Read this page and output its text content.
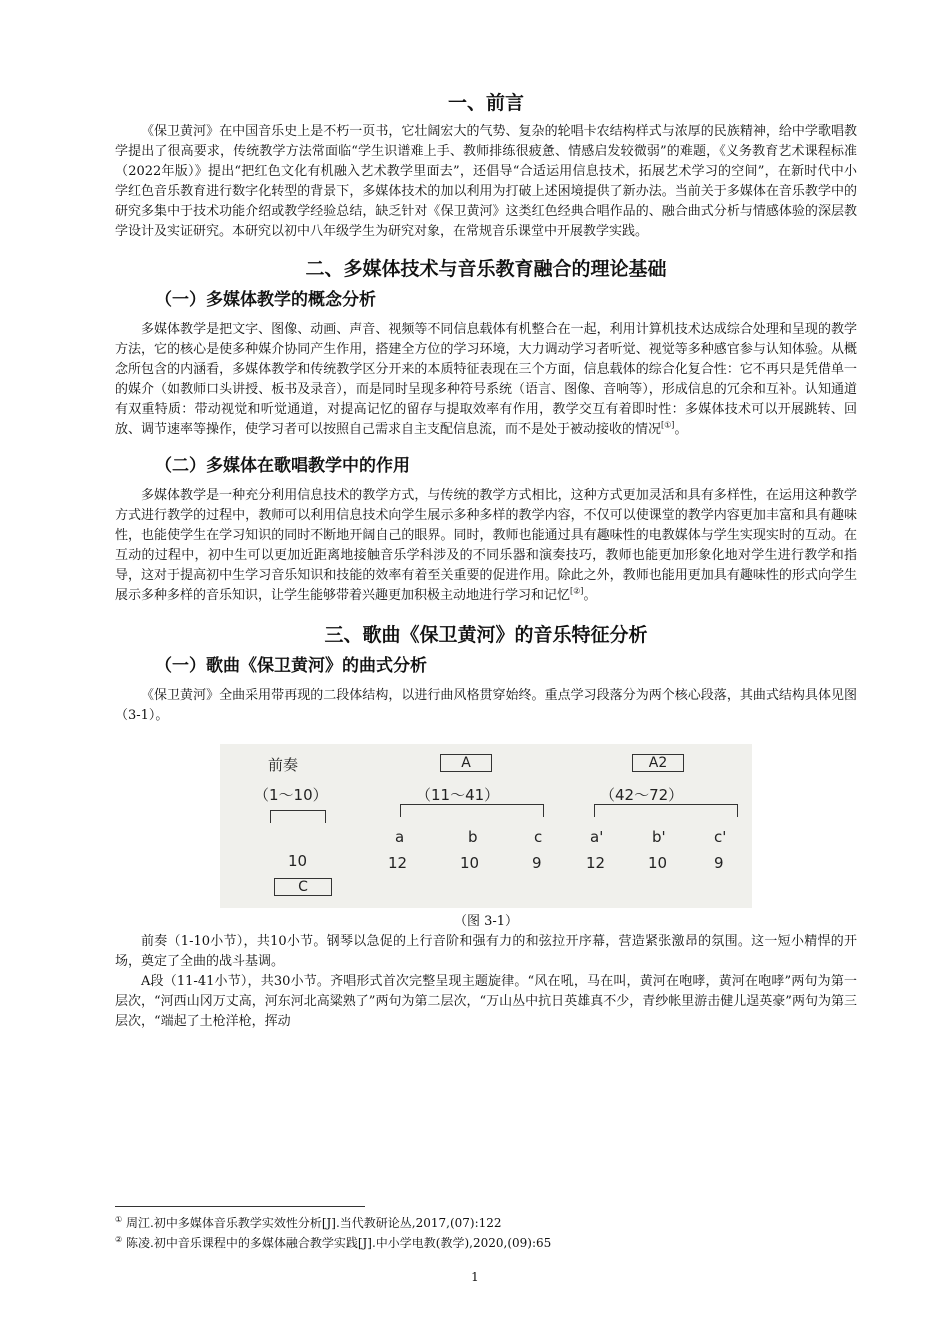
一、前言

《保卫黄河》在中国音乐史上是不朽一页书，它壮阔宏大的气势、复杂的轮唱卡农结构样式与浓厚的民族精神，给中学歌唱教学提出了很高要求，传统教学方法常面临“学生识谱难上手、教师排练很疲惫、情感启发较微弱”的难题，《义务教育艺术课程标准（2022年版）》提出“把红色文化有机融入艺术教学里面去”，还倡导“合适运用信息技术，拓展艺术学习的空间”，在新时代中小学红色音乐教育进行数字化转型的背景下，多媒体技术的加以利用为打破上述困境提供了新办法。当前关于多媒体在音乐教学中的研究多集中于技术功能介绍或教学经验总结，缺乏针对《保卫黄河》这类红色经典合唱作品的、融合曲式分析与情感体验的深层教学设计及实证研究。本研究以初中八年级学生为研究对象，在常规音乐课堂中开展教学实践。

二、多媒体技术与音乐教育融合的理论基础
（一）多媒体教学的概念分析

多媒体教学是把文字、图像、动画、声音、视频等不同信息载体有机整合在一起，利用计算机技术达成综合处理和呈现的教学方法，它的核心是使多种媒介协同产生作用，搭建全方位的学习环境，大力调动学习者听觉、视觉等多种感官参与认知体验。从概念所包含的内涵看，多媒体教学和传统教学区分开来的本质特征表现在三个方面，信息载体的综合化复合性：它不再只是凭借单一的媒介（如教师口头讲授、板书及录音），而是同时呈现多种符号系统（语言、图像、音响等），形成信息的冗余和互补。认知通道有双重特质：带动视觉和听觉通道，对提高记忆的留存与提取效率有作用，教学交互有着即时性：多媒体技术可以开展跳转、回放、调节速率等操作，使学习者可以按照自己需求自主支配信息流，而不是处于被动接收的情况[①]。

（二）多媒体在歌唱教学中的作用

多媒体教学是一种充分利用信息技术的教学方式，与传统的教学方式相比，这种方式更加灵活和具有多样性，在运用这种教学方式进行教学的过程中，教师可以利用信息技术向学生展示多种多样的教学内容，不仅可以使课堂的教学内容更加丰富和具有趣味性，也能使学生在学习知识的同时不断地开阔自己的眼界。同时，教师也能通过具有趣味性的电教媒体与学生实现实时的互动。在互动的过程中，初中生可以更加近距离地接触音乐学科涉及的不同乐器和演奏技巧，教师也能更加形象化地对学生进行教学和指导，这对于提高初中生学习音乐知识和技能的效率有着至关重要的促进作用。除此之外，教师也能用更加具有趣味性的形式向学生展示多种多样的音乐知识，让学生能够带着兴趣更加积极主动地进行学习和记忆[②]。

三、歌曲《保卫黄河》的音乐特征分析
（一）歌曲《保卫黄河》的曲式分析

《保卫黄河》全曲采用带再现的二段体结构，以进行曲风格贯穿始终。重点学习段落分为两个核心段落，其曲式结构具体见图（3-1）。

前奏	A	A2
（1～10）	（11～41）	（42～72）
a	b	c	a'	b'	c'
10	12	10	9	12	10	9
C
（图 3-1）

前奏（1-10小节），共10小节。钢琴以急促的上行音阶和强有力的和弦拉开序幕，营造紧张激昂的氛围。这一短小精悍的开场，奠定了全曲的战斗基调。

A段（11-41小节），共30小节。齐唱形式首次完整呈现主题旋律。“风在吼，马在叫，黄河在咆哮，黄河在咆哮”两句为第一层次，“河西山冈万丈高，河东河北高粱熟了”两句为第二层次，“万山丛中抗日英雄真不少，青纱帐里游击健儿逞英豪”两句为第三层次，“端起了土枪洋枪，挥动

① 周江.初中多媒体音乐教学实效性分析[J].当代教研论丛,2017,(07):122
② 陈凌.初中音乐课程中的多媒体融合教学实践[J].中小学电教(教学),2020,(09):65
1
